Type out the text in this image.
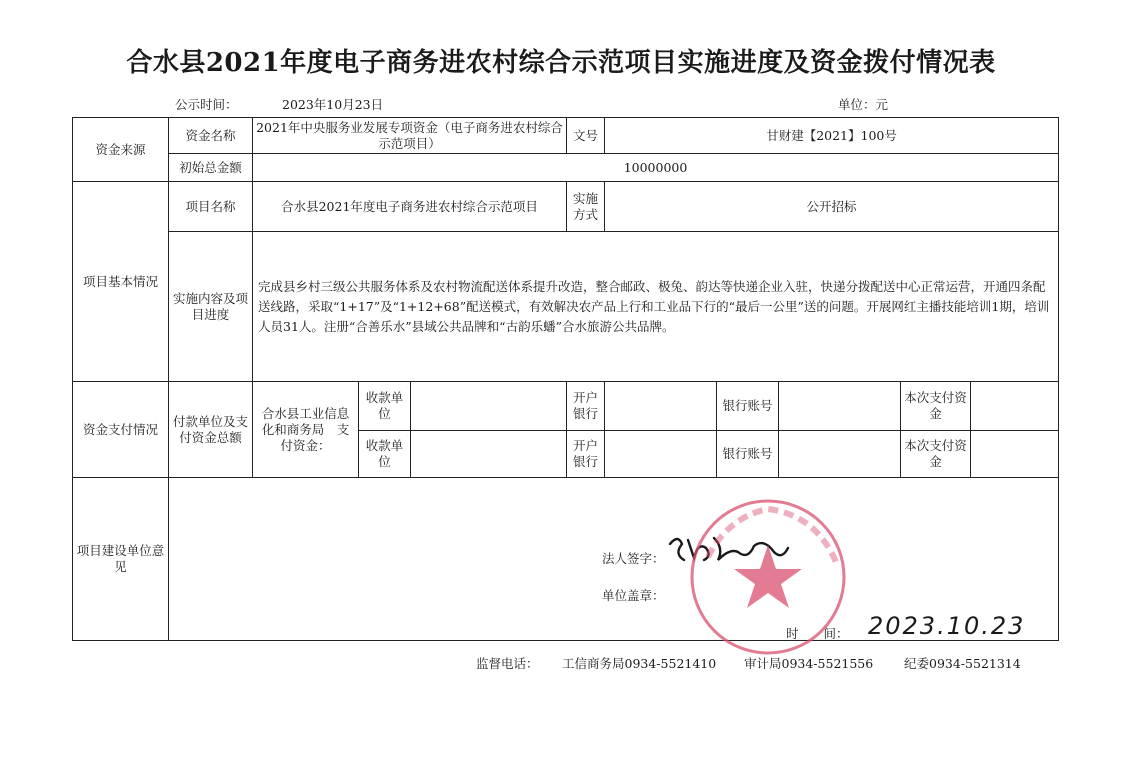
合水县2021年度电子商务进农村综合示范项目实施进度及资金拨付情况表
公示时间：	2023年10月23日	单位：元
资金来源	资金名称	2021年中央服务业发展专项资金（电子商务进农村综合示范项目）			文号	甘财建【2021】100号				
	初始总金额	10000000								
项目基本情况	项目名称	合水县2021年度电子商务进农村综合示范项目			实施方式	公开招标				
	实施内容及项目进度	完成县乡村三级公共服务体系及农村物流配送体系提升改造，整合邮政、极兔、韵达等快递企业入驻，快递分拨配送中心正常运营，开通四条配送线路，采取“1+17”及“1+12+68”配送模式，有效解决农产品上行和工业品下行的“最后一公里”送的问题。开展网红主播技能培训1期，培训人员31人。注册“合善乐水”县域公共品牌和“古韵乐蟠”合水旅游公共品牌。								
资金支付情况	付款单位及支付资金总额	合水县工业信息化和商务局　支付资金：	收款单位		开户银行		银行账号		本次支付资金	
			收款单位		开户银行		银行账号		本次支付资金	
项目建设单位意见										
法人签字：
单位盖章：
时　　间： 2023.10.23
监督电话： 工信商务局0934-5521410 审计局0934-5521556 纪委0934-5521314
